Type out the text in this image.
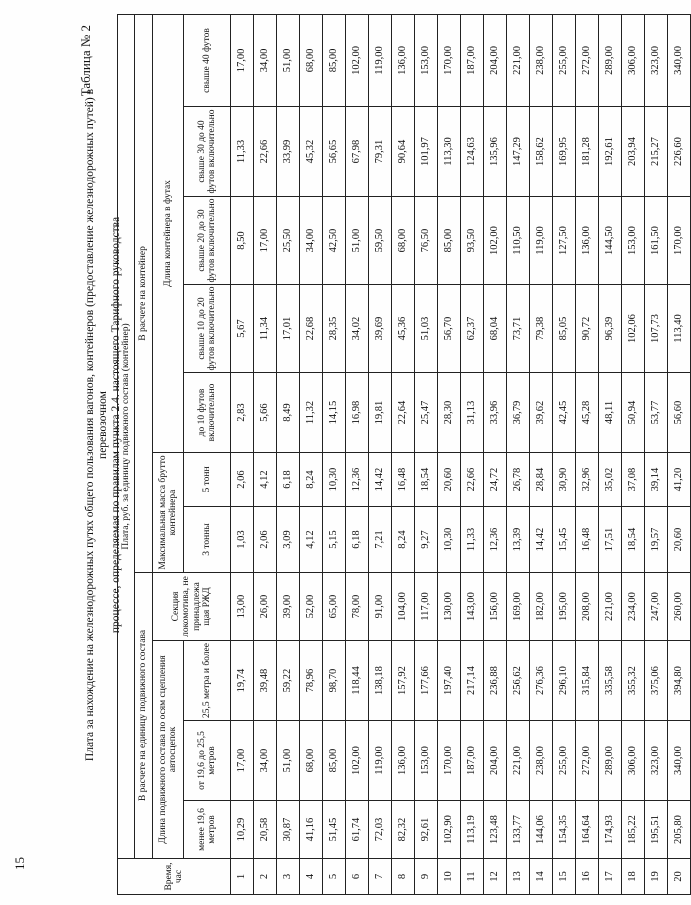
15
Таблица № 2
Плата за нахождение на железнодорожных путях общего пользования вагонов, контейнеров (предоставление железнодорожных путей) в перевозочном процессе, определяемая по правилам пункта 2.4. настоящего Тарифного руководства
Время, час	Плата, руб. за единицу подвижного состава (контейнер)										
	В расчете на единицу подвижного состава				В расчете на контейнер						
	Длина подвижного состава по осям сцепления автосцепок			Секция локомотива, не принадлежа щая РЖД	Максимальная масса брутто контейнера		Длина контейнера в футах				
	менее 19,6 метров	от 19,6 до 25,5 метров	25,5 метра и более		3 тонны	5 тонн	до 10 футов включительно	свыше 10 до 20 футов включительно	свыше 20 до 30 футов включительно	свыше 30 до 40 футов включительно	свыше 40 футов
1	10,29	17,00	19,74	13,00	1,03	2,06	2,83	5,67	8,50	11,33	17,00
2	20,58	34,00	39,48	26,00	2,06	4,12	5,66	11,34	17,00	22,66	34,00
3	30,87	51,00	59,22	39,00	3,09	6,18	8,49	17,01	25,50	33,99	51,00
4	41,16	68,00	78,96	52,00	4,12	8,24	11,32	22,68	34,00	45,32	68,00
5	51,45	85,00	98,70	65,00	5,15	10,30	14,15	28,35	42,50	56,65	85,00
6	61,74	102,00	118,44	78,00	6,18	12,36	16,98	34,02	51,00	67,98	102,00
7	72,03	119,00	138,18	91,00	7,21	14,42	19,81	39,69	59,50	79,31	119,00
8	82,32	136,00	157,92	104,00	8,24	16,48	22,64	45,36	68,00	90,64	136,00
9	92,61	153,00	177,66	117,00	9,27	18,54	25,47	51,03	76,50	101,97	153,00
10	102,90	170,00	197,40	130,00	10,30	20,60	28,30	56,70	85,00	113,30	170,00
11	113,19	187,00	217,14	143,00	11,33	22,66	31,13	62,37	93,50	124,63	187,00
12	123,48	204,00	236,88	156,00	12,36	24,72	33,96	68,04	102,00	135,96	204,00
13	133,77	221,00	256,62	169,00	13,39	26,78	36,79	73,71	110,50	147,29	221,00
14	144,06	238,00	276,36	182,00	14,42	28,84	39,62	79,38	119,00	158,62	238,00
15	154,35	255,00	296,10	195,00	15,45	30,90	42,45	85,05	127,50	169,95	255,00
16	164,64	272,00	315,84	208,00	16,48	32,96	45,28	90,72	136,00	181,28	272,00
17	174,93	289,00	335,58	221,00	17,51	35,02	48,11	96,39	144,50	192,61	289,00
18	185,22	306,00	355,32	234,00	18,54	37,08	50,94	102,06	153,00	203,94	306,00
19	195,51	323,00	375,06	247,00	19,57	39,14	53,77	107,73	161,50	215,27	323,00
20	205,80	340,00	394,80	260,00	20,60	41,20	56,60	113,40	170,00	226,60	340,00
